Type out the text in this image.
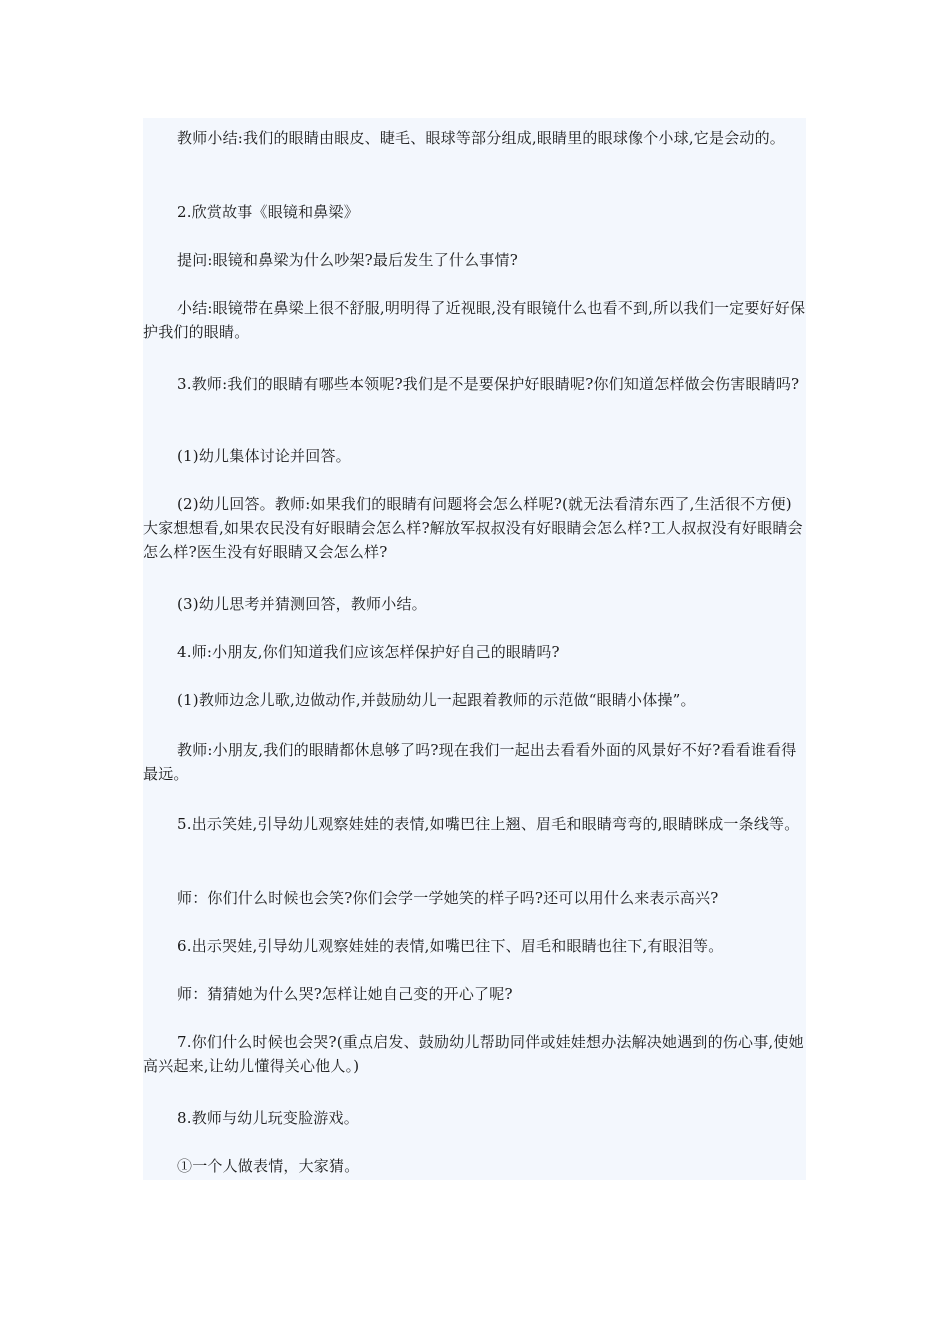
教师小结:我们的眼睛由眼皮、睫毛、眼球等部分组成,眼睛里的眼球像个小球,它是会动的。

2.欣赏故事《眼镜和鼻梁》

提问:眼镜和鼻梁为什么吵架?最后发生了什么事情?

小结:眼镜带在鼻梁上很不舒服,明明得了近视眼,没有眼镜什么也看不到,所以我们一定要好好保护我们的眼睛。

3.教师:我们的眼睛有哪些本领呢?我们是不是要保护好眼睛呢?你们知道怎样做会伤害眼睛吗?

(1)幼儿集体讨论并回答。

(2)幼儿回答。教师:如果我们的眼睛有问题将会怎么样呢?(就无法看清东西了,生活很不方便)大家想想看,如果农民没有好眼睛会怎么样?解放军叔叔没有好眼睛会怎么样?工人叔叔没有好眼睛会怎么样?医生没有好眼睛又会怎么样?

(3)幼儿思考并猜测回答，教师小结。

4.师:小朋友,你们知道我们应该怎样保护好自己的眼睛吗?

(1)教师边念儿歌,边做动作,并鼓励幼儿一起跟着教师的示范做“眼睛小体操”。

教师:小朋友,我们的眼睛都休息够了吗?现在我们一起出去看看外面的风景好不好?看看谁看得最远。

5.出示笑娃,引导幼儿观察娃娃的表情,如嘴巴往上翘、眉毛和眼睛弯弯的,眼睛眯成一条线等。

师：你们什么时候也会笑?你们会学一学她笑的样子吗?还可以用什么来表示高兴?

6.出示哭娃,引导幼儿观察娃娃的表情,如嘴巴往下、眉毛和眼睛也往下,有眼泪等。

师：猜猜她为什么哭?怎样让她自己变的开心了呢?

7.你们什么时候也会哭?(重点启发、鼓励幼儿帮助同伴或娃娃想办法解决她遇到的伤心事,使她高兴起来,让幼儿懂得关心他人。)

8.教师与幼儿玩变脸游戏。

①一个人做表情，大家猜。
